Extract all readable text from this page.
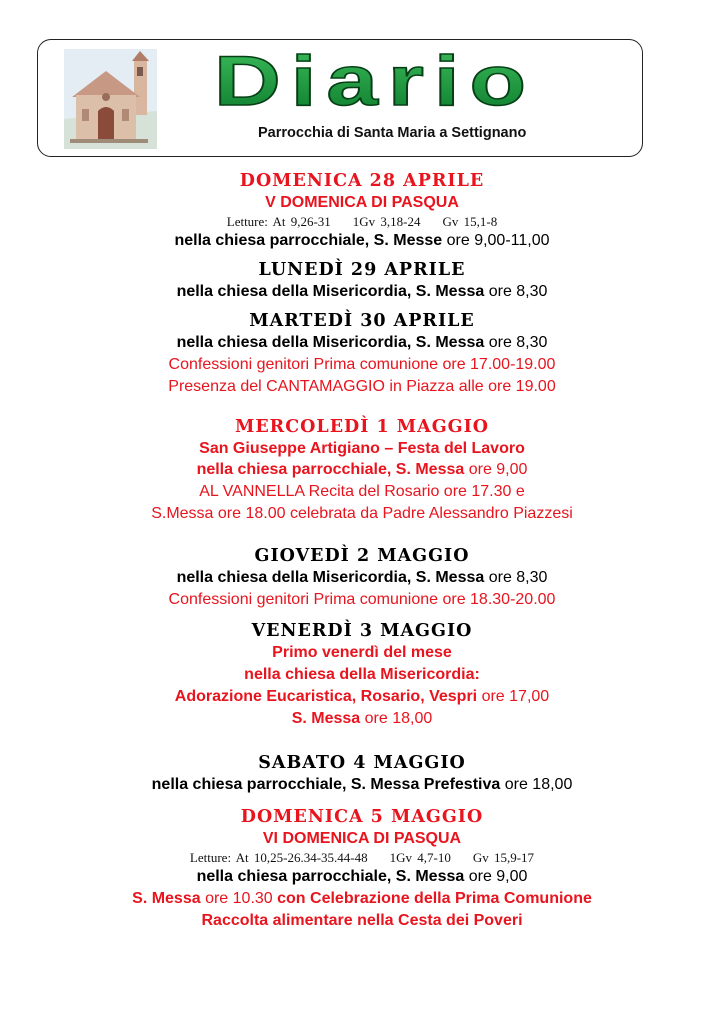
Diario
Parrocchia di Santa Maria a Settignano

DOMENICA 28 APRILE

V DOMENICA DI PASQUA

Letture: At 9,26-31 1Gv 3,18-24 Gv 15,1-8

nella chiesa parrocchiale, S. Messe ore 9,00-11,00

LUNEDÌ 29 APRILE

nella chiesa della Misericordia, S. Messa ore 8,30

MARTEDÌ 30 APRILE

nella chiesa della Misericordia, S. Messa ore 8,30

Confessioni genitori Prima comunione ore 17.00-19.00

Presenza del CANTAMAGGIO in Piazza alle ore 19.00

MERCOLEDÌ 1 MAGGIO

San Giuseppe Artigiano – Festa del Lavoro

nella chiesa parrocchiale, S. Messa ore 9,00

AL VANNELLA Recita del Rosario ore 17.30 e

S.Messa ore 18.00 celebrata da Padre Alessandro Piazzesi

GIOVEDÌ 2 MAGGIO

nella chiesa della Misericordia, S. Messa ore 8,30

Confessioni genitori Prima comunione ore 18.30-20.00

VENERDÌ 3 MAGGIO

Primo venerdì del mese

nella chiesa della Misericordia:

Adorazione Eucaristica, Rosario, Vespri ore 17,00

S. Messa ore 18,00

SABATO 4 MAGGIO

nella chiesa parrocchiale, S. Messa Prefestiva ore 18,00

DOMENICA 5 MAGGIO

VI DOMENICA DI PASQUA

Letture: At 10,25-26.34-35.44-48 1Gv 4,7-10 Gv 15,9-17

nella chiesa parrocchiale, S. Messa ore 9,00

S. Messa ore 10.30 con Celebrazione della Prima Comunione

Raccolta alimentare nella Cesta dei Poveri
